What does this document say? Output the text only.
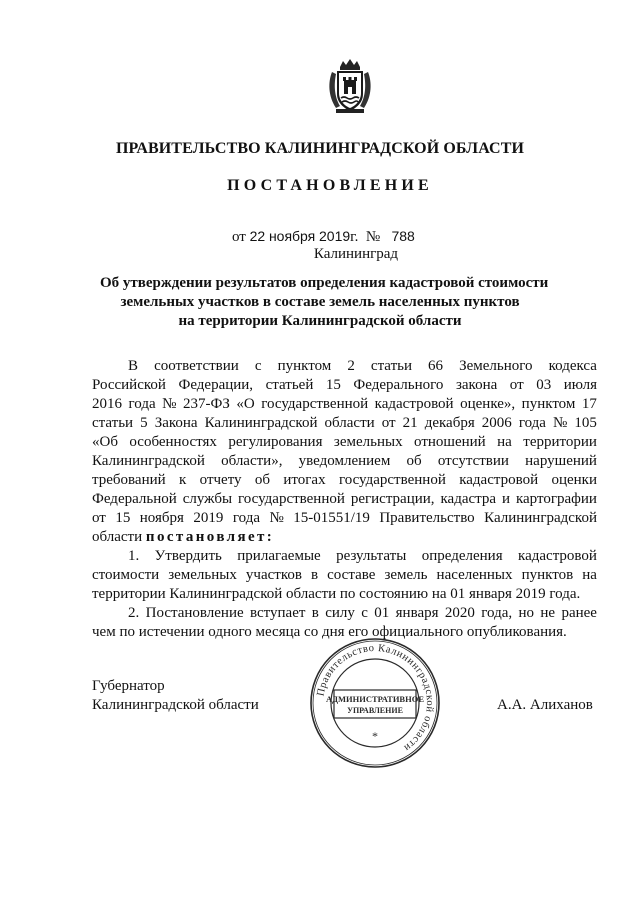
ПРАВИТЕЛЬСТВО КАЛИНИНГРАДСКОЙ ОБЛАСТИ
ПОСТАНОВЛЕНИЕ
от 22 ноября 2019г. № 788
Калининград
Об утверждении результатов определения кадастровой стоимости
земельных участков в составе земель населенных пунктов
на территории Калининградской области
В соответствии с пунктом 2 статьи 66 Земельного кодекса
Российской Федерации, статьей 15 Федерального закона от 03 июля
2016 года № 237-ФЗ «О государственной кадастровой оценке», пунктом 17
статьи 5 Закона Калининградской области от 21 декабря 2006 года № 105
«Об особенностях регулирования земельных отношений на территории
Калининградской области», уведомлением об отсутствии нарушений
требований к отчету об итогах государственной кадастровой оценки
Федеральной службы государственной регистрации, кадастра и картографии
от 15 ноября 2019 года № 15-01551/19 Правительство Калининградской
области
постановляет :
1. Утвердить прилагаемые результаты определения кадастровой
стоимости земельных участков в составе земель населенных пунктов на
территории Калининградской области по состоянию на 01 января 2019 года.
2. Постановление вступает в силу с 01 января 2020 года, но не ранее
чем по истечении одного месяца со дня его официального опубликования.
Губернатор
Калининградской области
Правительство Калининградской области
АДМИНИСТРАТИВНОЕ
УПРАВЛЕНИЕ
*
А.А. Алиханов
